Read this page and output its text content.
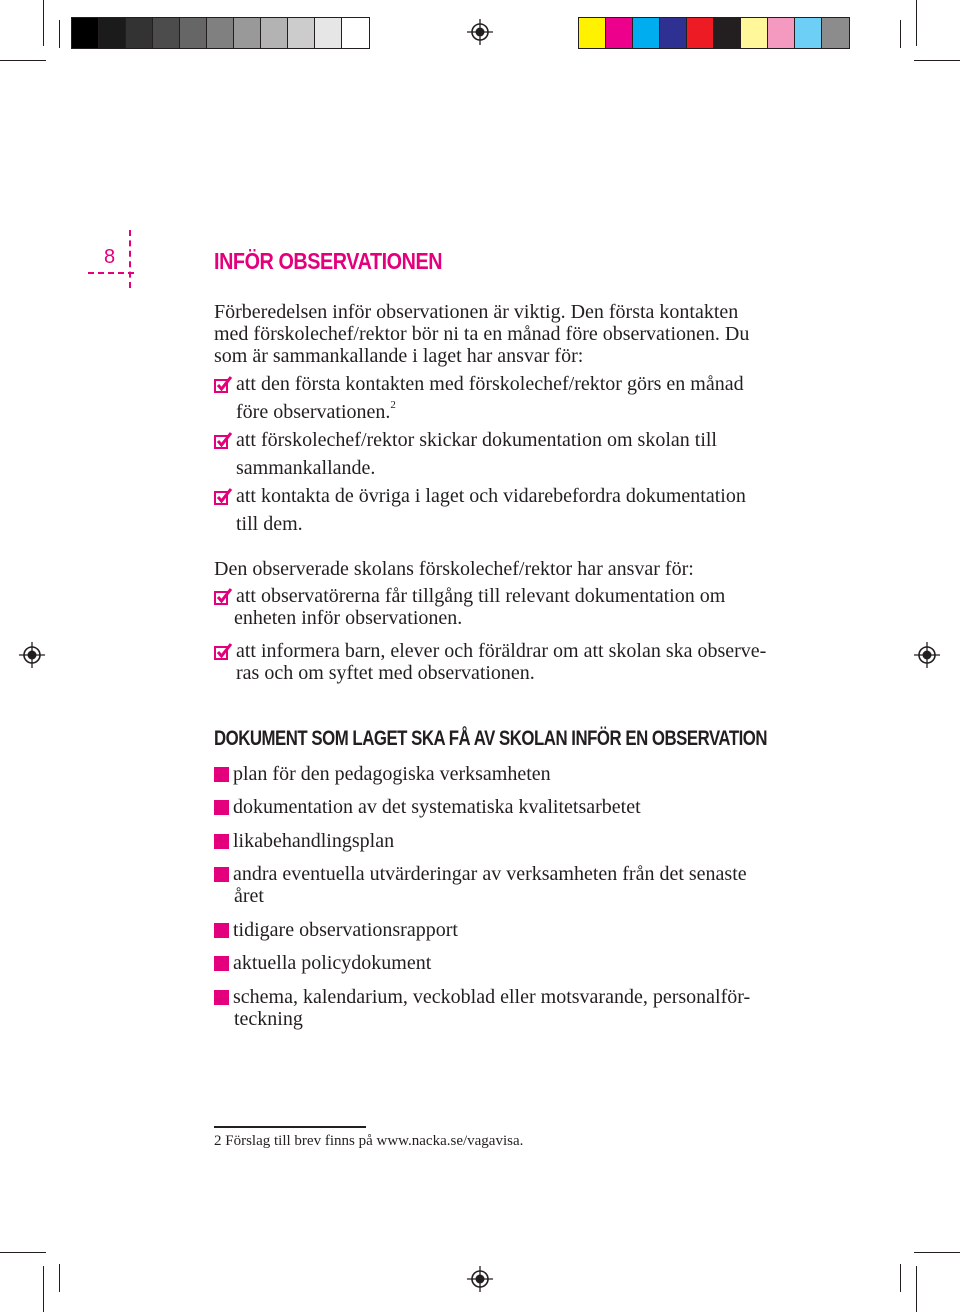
8	INFÖR OBSERVATIONEN
Förberedelsen inför observationen är viktig. Den första kontakten
med förskolechef/rektor bör ni ta en månad före observationen. Du
som är sammankallande i laget har ansvar för:
att den första kontakten med förskolechef/rektor görs en månad
före observationen.$^2$
att förskolechef/rektor skickar dokumentation om skolan till
sammankallande.
att kontakta de övriga i laget och vidarebefordra dokumentation
till dem.
Den observerade skolans förskolechef/rektor har ansvar för:
att observatörerna får tillgång till relevant dokumentation om
enheten inför observationen.
att informera barn, elever och föräldrar om att skolan ska observe-
ras och om syftet med observationen.
DOKUMENT SOM LAGET SKA FÅ AV SKOLAN INFÖR EN OBSERVATION
plan för den pedagogiska verksamheten
dokumentation av det systematiska kvalitetsarbetet
likabehandlingsplan
andra eventuella utvärderingar av verksamheten från det senaste
året
tidigare observationsrapport
aktuella policydokument
schema, kalendarium, veckoblad eller motsvarande, personalför-
teckning
2 Förslag till brev finns på www.nacka.se/vagavisa.
